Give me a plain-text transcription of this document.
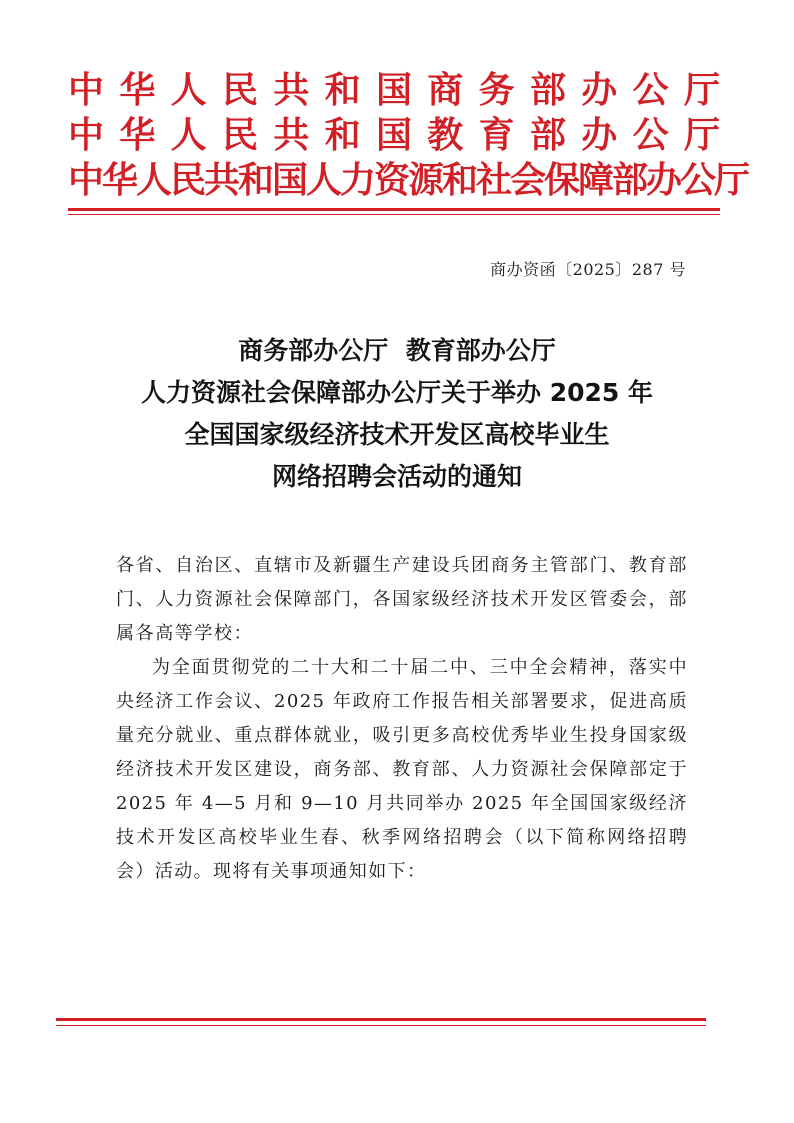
中 华 人 民 共 和 国 商 务 部 办 公 厅
中 华 人 民 共 和 国 教 育 部 办 公 厅
中华人民共和国人力资源和社会保障部办公厅
商办资函〔2025〕287 号
商务部办公厅  教育部办公厅
人力资源社会保障部办公厅关于举办 2025 年
全国国家级经济技术开发区高校毕业生
网络招聘会活动的通知

各省、自治区、直辖市及新疆生产建设兵团商务主管部门、教育部门、人力资源社会保障部门，各国家级经济技术开发区管委会，部属各高等学校：

为全面贯彻党的二十大和二十届二中、三中全会精神，落实中央经济工作会议、2025 年政府工作报告相关部署要求，促进高质量充分就业、重点群体就业，吸引更多高校优秀毕业生投身国家级经济技术开发区建设，商务部、教育部、人力资源社会保障部定于 2025 年 4—5 月和 9—10 月共同举办 2025 年全国国家级经济技术开发区高校毕业生春、秋季网络招聘会（以下简称网络招聘会）活动。现将有关事项通知如下：
